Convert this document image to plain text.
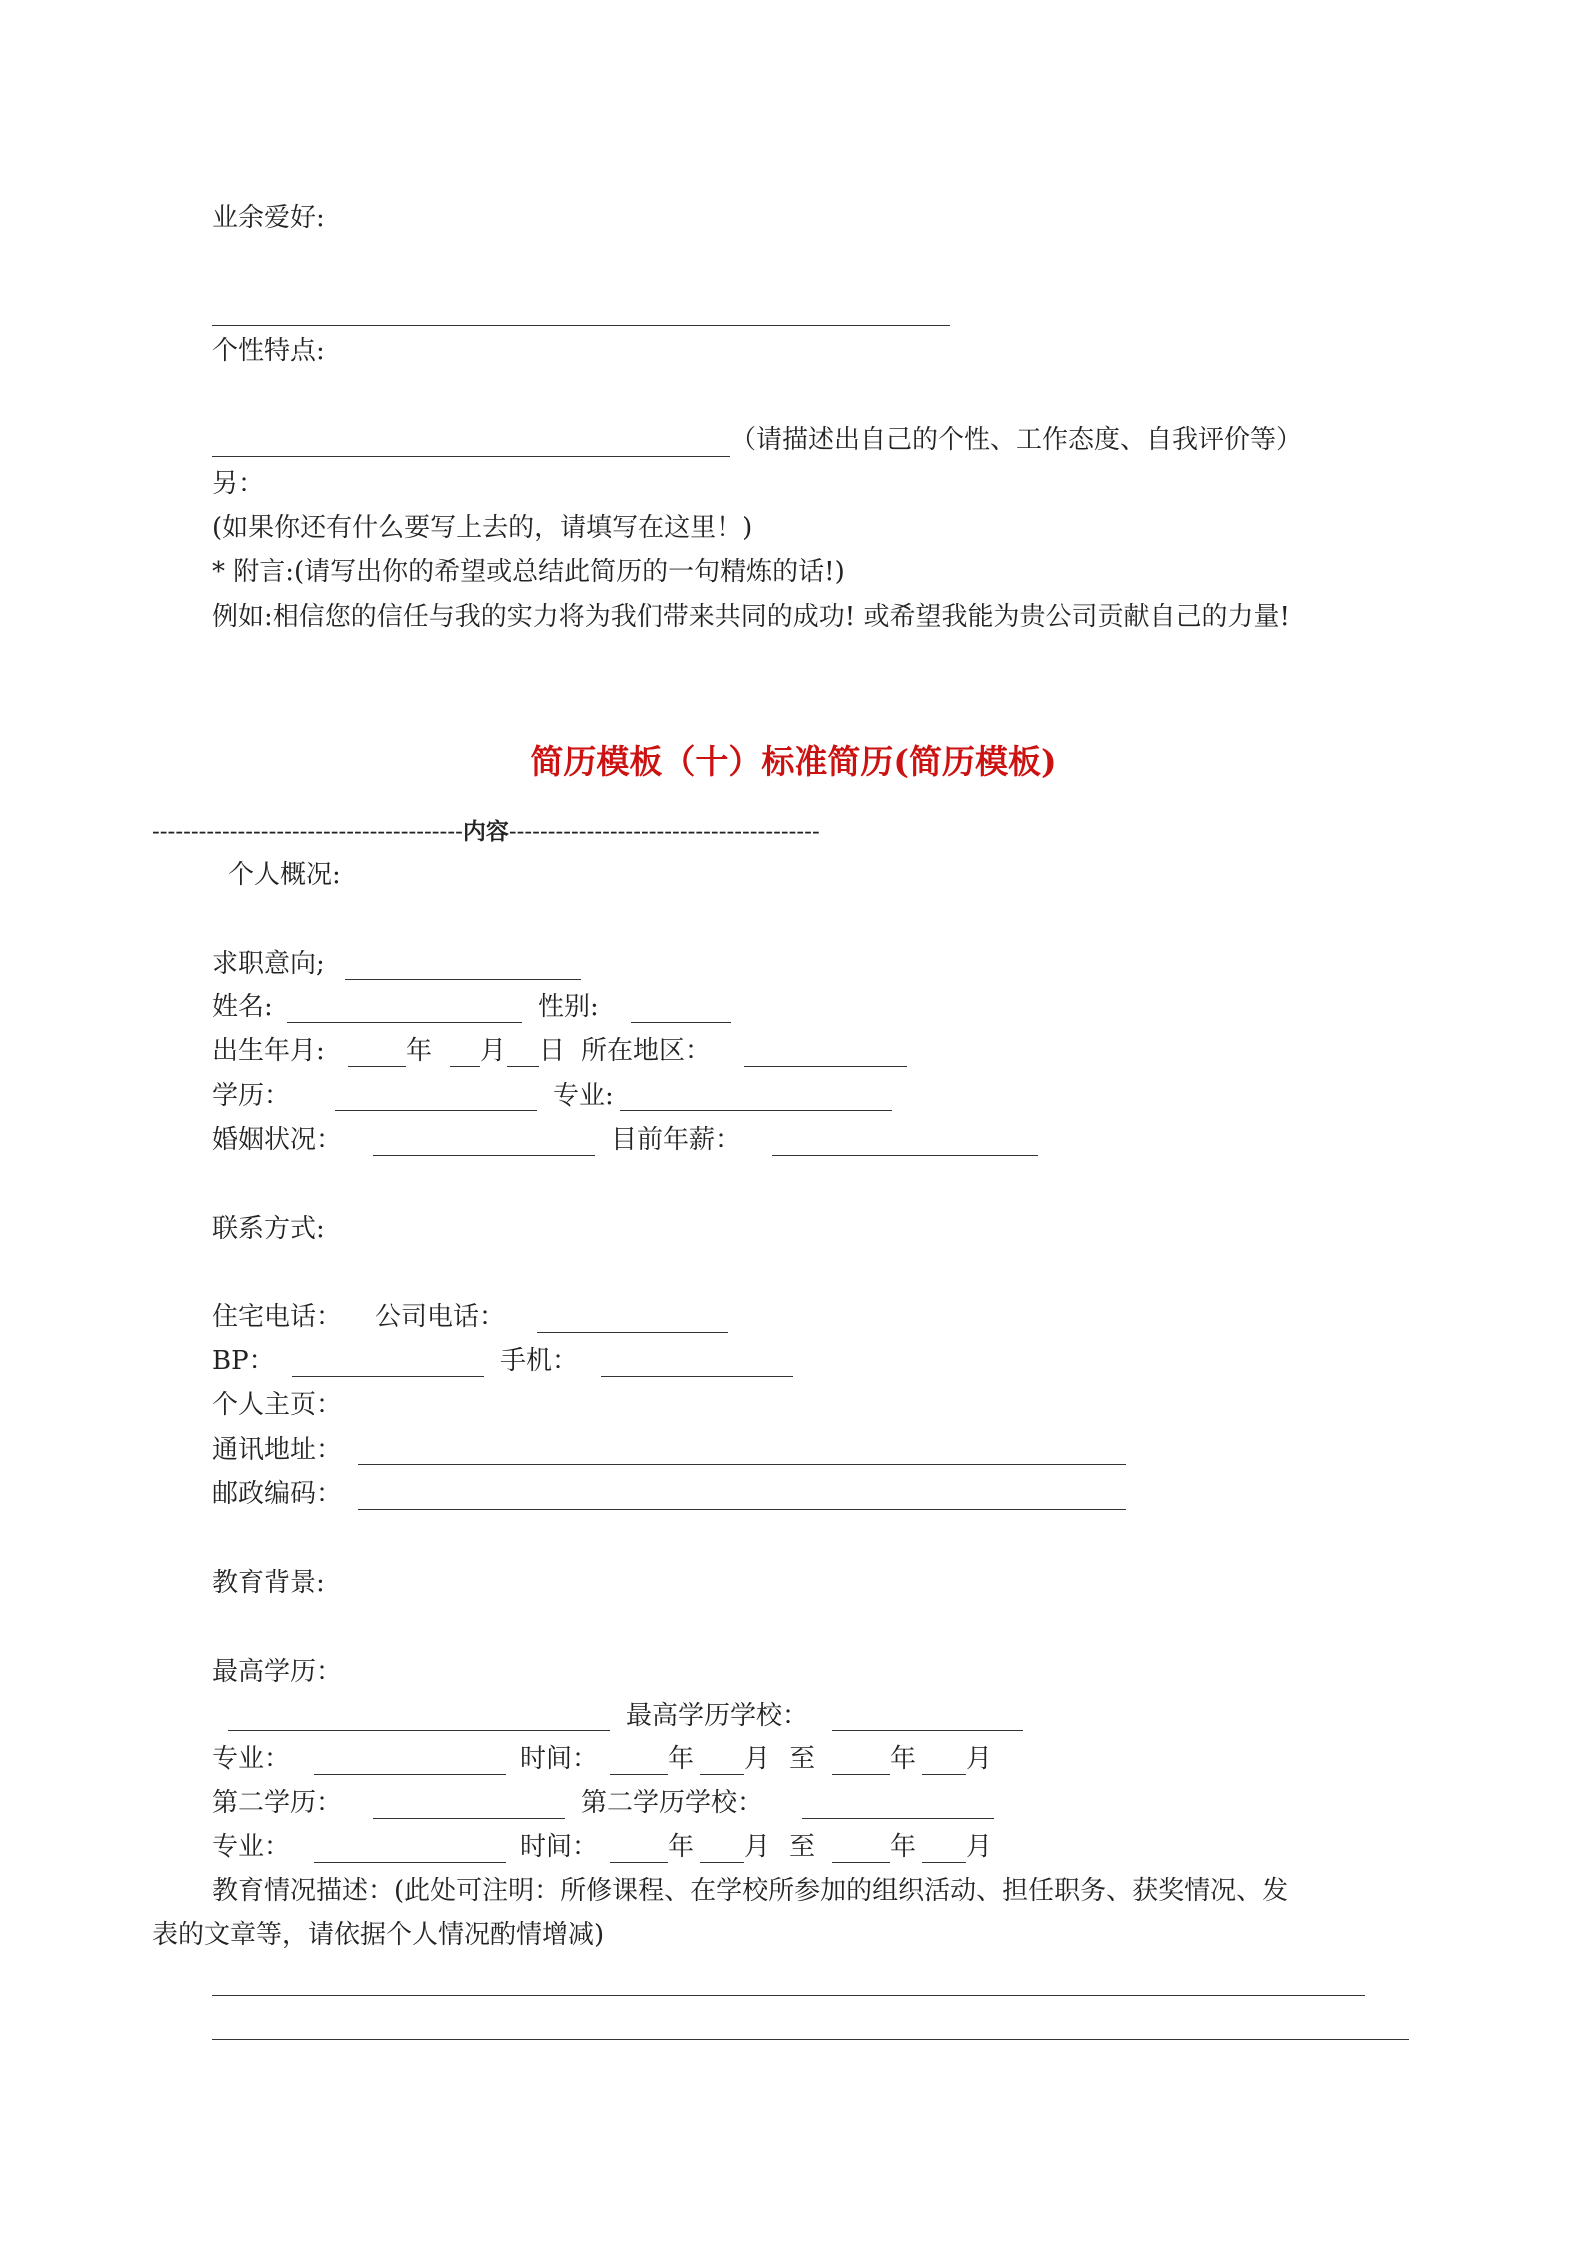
业余爱好:
个性特点:
（请描述出自己的个性、工作态度、自我评价等）
另：
(如果你还有什么要写上去的，请填写在这里！)
* 附言:(请写出你的希望或总结此简历的一句精炼的话!)
例如:相信您的信任与我的实力将为我们带来共同的成功! 或希望我能为贵公司贡献自己的力量!
简历模板（十）标准简历(简历模板)
----------------------------------------内容----------------------------------------
个人概况:
求职意向;
姓名:	性别:
出生年月:	年 月 日 所在地区：
学历：	专业:
婚姻状况：	目前年薪：
联系方式:
住宅电话： 公司电话：
BP：	手机：
个人主页：
通讯地址：
邮政编码：
教育背景:
最高学历：
最高学历学校：
专业：	时间：	年 月 至	年 月
第二学历：	第二学历学校：
专业：	时间：	年 月 至	年 月
教育情况描述：(此处可注明：所修课程、在学校所参加的组织活动、担任职务、获奖情况、发
表的文章等，请依据个人情况酌情增减)
